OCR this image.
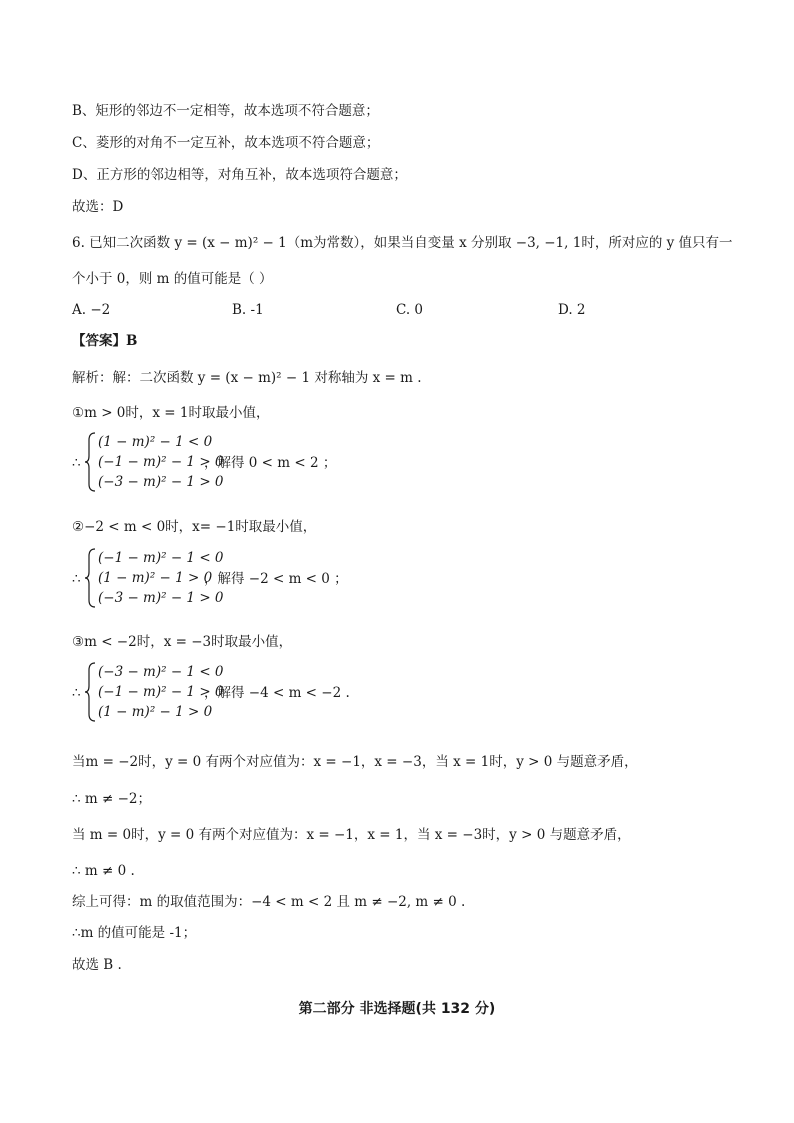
B、矩形的邻边不一定相等，故本选项不符合题意；
C、菱形的对角不一定互补，故本选项不符合题意；
D、正方形的邻边相等，对角互补，故本选项符合题意；
故选：D
6. 已知二次函数 y = (x − m)² − 1（m为常数），如果当自变量 x 分别取 −3, −1, 1时，所对应的 y 值只有一
个小于 0，则 m 的值可能是（ ）
A. −2	B. -1	C. 0	D. 2
【答案】B
解析：解：二次函数 y = (x − m)² − 1 对称轴为 x = m .
①m > 0时，x = 1时取最小值，
∴
(1 − m)² − 1 < 0
(−1 − m)² − 1 > 0
(−3 − m)² − 1 > 0
，解得 0 < m < 2 ；
②−2 < m < 0时，x= −1时取最小值，
∴
(−1 − m)² − 1 < 0
(1 − m)² − 1 > 0
(−3 − m)² − 1 > 0
，解得 −2 < m < 0 ；
③m < −2时，x = −3时取最小值，
∴
(−3 − m)² − 1 < 0
(−1 − m)² − 1 > 0
(1 − m)² − 1 > 0
，解得 −4 < m < −2 .
当m = −2时，y = 0 有两个对应值为：x = −1，x = −3，当 x = 1时，y > 0 与题意矛盾，
∴ m ≠ −2；
当 m = 0时，y = 0 有两个对应值为：x = −1，x = 1，当 x = −3时，y > 0 与题意矛盾，
∴ m ≠ 0 .
综上可得：m 的取值范围为：−4 < m < 2 且 m ≠ −2, m ≠ 0 .
∴m 的值可能是 -1；
故选 B .
第二部分 非选择题(共 132 分)
